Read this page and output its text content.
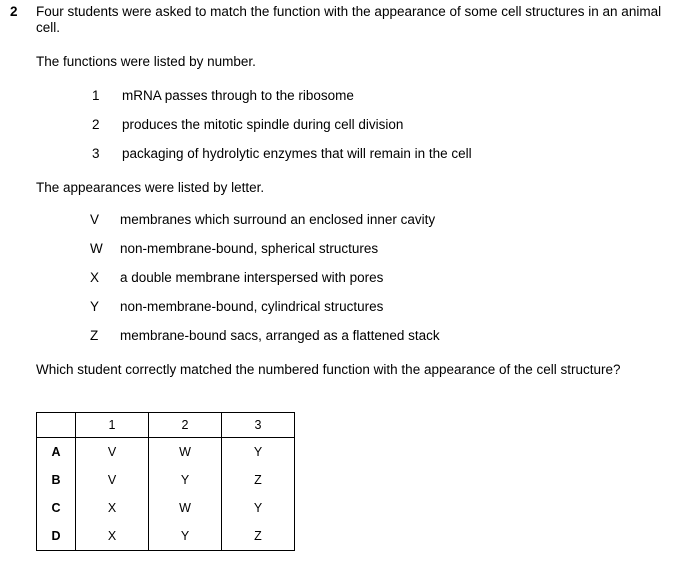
2 Four students were asked to match the function with the appearance of some cell structures in an animal cell.
The functions were listed by number.
1 mRNA passes through to the ribosome
2 produces the mitotic spindle during cell division
3 packaging of hydrolytic enzymes that will remain in the cell
The appearances were listed by letter.
V membranes which surround an enclosed inner cavity
W non-membrane-bound, spherical structures
X a double membrane interspersed with pores
Y non-membrane-bound, cylindrical structures
Z membrane-bound sacs, arranged as a flattened stack
Which student correctly matched the numbered function with the appearance of the cell structure?
	1	2	3
A	V	W	Y
B	V	Y	Z
C	X	W	Y
D	X	Y	Z
